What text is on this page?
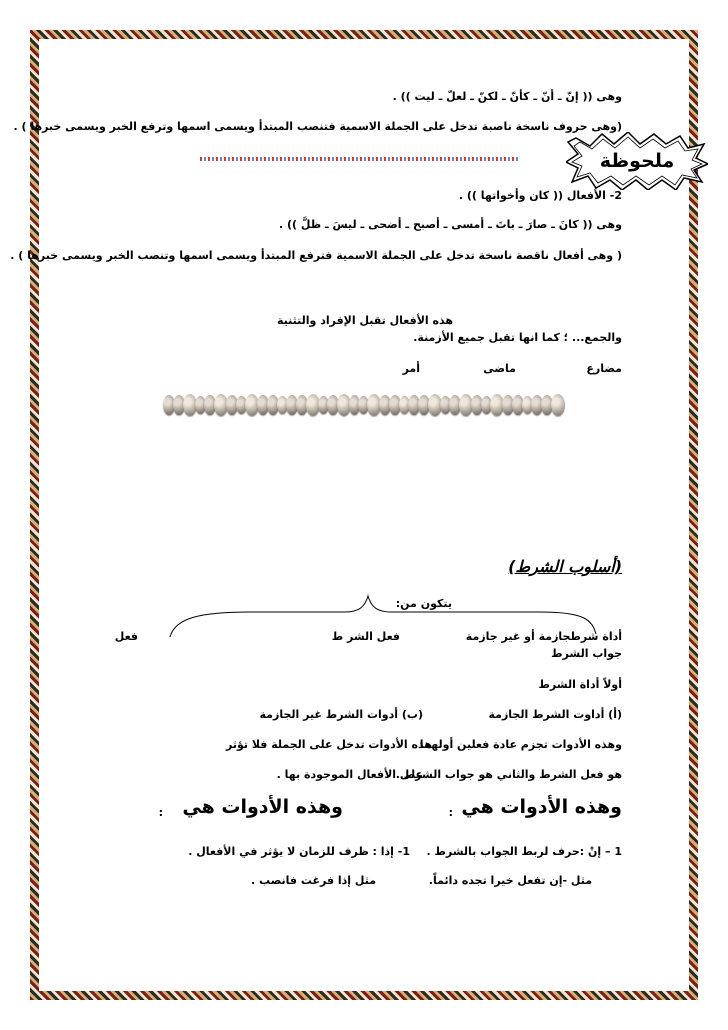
وهى (( إنّ ـ أنّ ـ كأنّ ـ لكنّ ـ لعلّ ـ ليت )) .
(وهى حروف ناسخة ناصبة تدخل على الجملة الاسمية فتنصب المبتدأ ويسمى اسمها وترفع الخبر ويسمى خبرها ) .
ملحوظة
2- الأفعال (( كان وأخواتها )) .
وهى (( كانَ ـ صارَ ـ باتَ ـ أمسى ـ أصبح ـ أضحى ـ ليسَ ـ ظلَّ )) .
( وهى أفعال ناقصة ناسخة تدخل على الجملة الاسمية فترفع المبتدأ ويسمى اسمها وتنصب الخبر ويسمى خبرها ) .
هذه الأفعال تقبل الإفراد والتثنية
والجمع... ؛ كما انها تقبل جميع الأزمنة.
مضارع
ماضى
أمر
(أسلوب الشرط)
يتكون من:
أداة شرطجازمة أو غير جازمة
فعل الشر ط
فعل
جواب الشرط
أولاً أداة الشرط
(أ) أداوت الشرط الجازمة
(ب) أدوات الشرط غير الجازمة
وهذه الأدوات تجزم عادة فعلين أولهما
هذه الأدوات تدخل على الجملة فلا تؤثر
هو فعل الشرط والثاني هو جواب الشرط .
على الأفعال الموجودة بها .
وهذه الأدوات هي
:
وهذه الأدوات هي
:
1 – إنْ :حرف لربط الجواب بالشرط .
1- إذا : ظرف للزمان لا يؤثر في الأفعال .
مثل -إن تفعل خيرا تجده دائماً.
مثل إذا فرغت فانصب .
